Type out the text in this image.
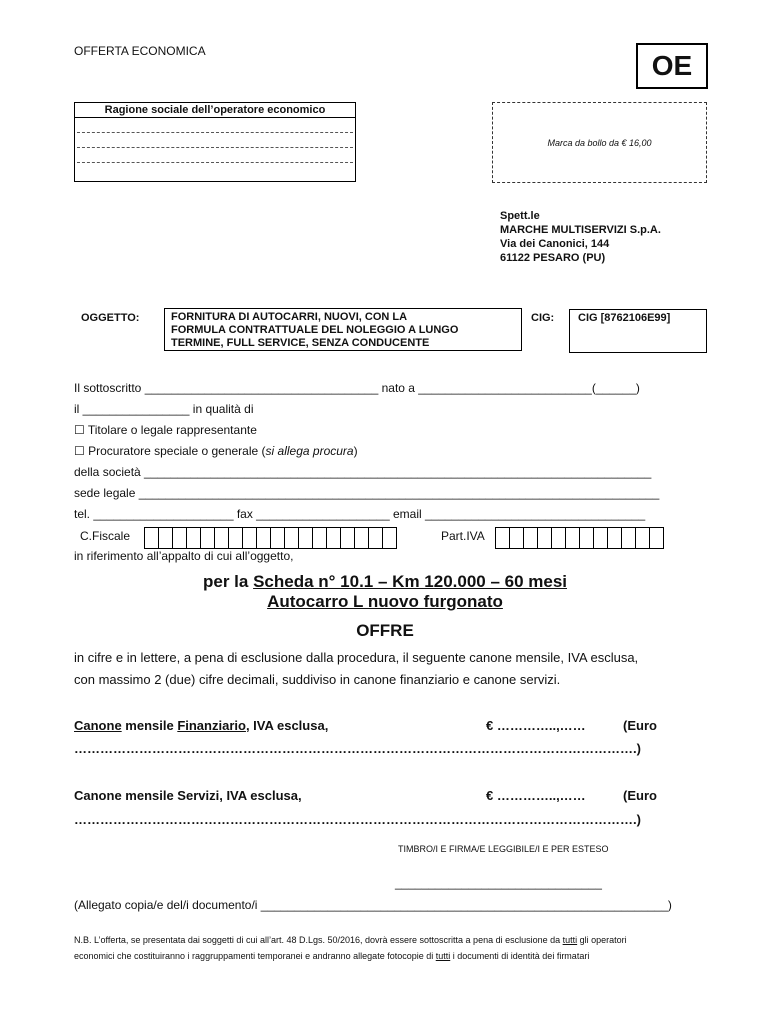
OFFERTA ECONOMICA	OE
Ragione sociale dell’operatore economico
Marca da bollo da € 16,00
Spett.le
MARCHE MULTISERVIZI S.p.A.
Via dei Canonici, 144
61122 PESARO (PU)
OGGETTO:	FORNITURA DI AUTOCARRI, NUOVI, CON LA
FORMULA CONTRATTUALE DEL NOLEGGIO A LUNGO
TERMINE, FULL SERVICE, SENZA CONDUCENTE
CIG:	CIG [8762106E99]
Il sottoscritto ___________________________________ nato a __________________________(______)
il ________________ in qualità di
☐ Titolare o legale rappresentante
☐ Procuratore speciale o generale (si allega procura)
della società ____________________________________________________________________________
sede legale ______________________________________________________________________________
tel. _____________________ fax ____________________ email _________________________________
C.Fiscale	Part.IVA
in riferimento all’appalto di cui all’oggetto,
per la Scheda n° 10.1 – Km 120.000 – 60 mesi
Autocarro L nuovo furgonato
OFFRE
in cifre e in lettere, a pena di esclusione dalla procedura, il seguente canone mensile, IVA esclusa,
con massimo 2 (due) cifre decimali, suddiviso in canone finanziario e canone servizi.
Canone mensile Finanziario, IVA esclusa,	€ …………..,……	(Euro
………………………………………………………………………………………………………………….)
Canone mensile Servizi, IVA esclusa,	€ …………..,……	(Euro
………………………………………………………………………………………………………………….)
TIMBRO/I E FIRMA/E LEGGIBILE/I E PER ESTESO
_______________________________
(Allegato copia/e del/i documento/i _____________________________________________________________)
N.B. L’offerta, se presentata dai soggetti di cui all’art. 48 D.Lgs. 50/2016, dovrà essere sottoscritta a pena di esclusione da tutti gli operatori
economici che costituiranno i raggruppamenti temporanei e andranno allegate fotocopie di tutti i documenti di identità dei firmatari
